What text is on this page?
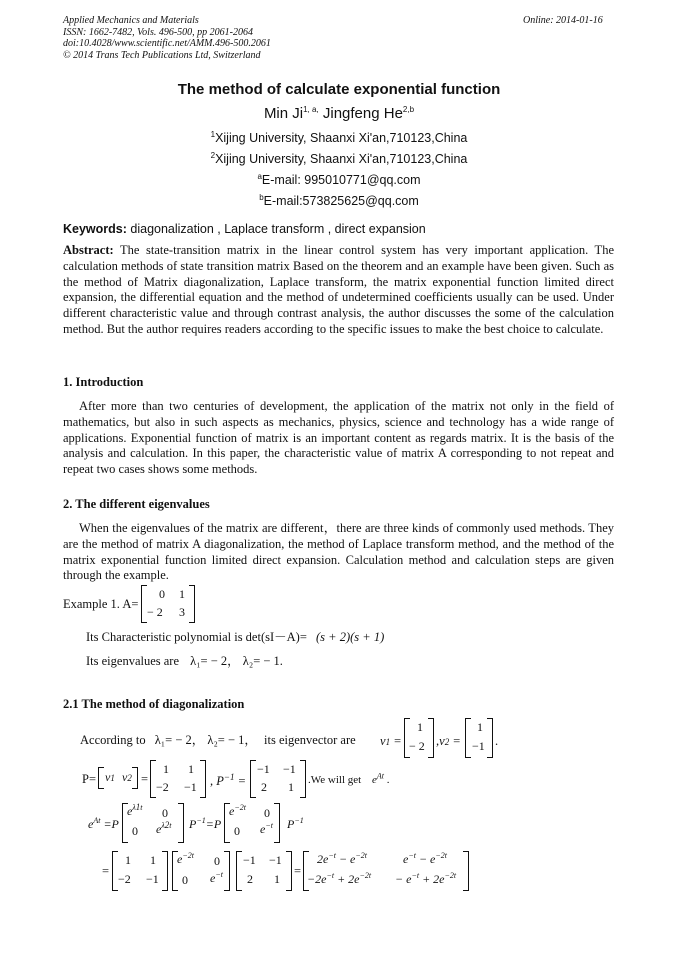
Applied Mechanics and Materials
ISSN: 1662-7482, Vols. 496-500, pp 2061-2064
doi:10.4028/www.scientific.net/AMM.496-500.2061
© 2014 Trans Tech Publications Ltd, Switzerland
Online: 2014-01-16
The method of calculate exponential function
Min $Ji^{1, a,}$ Jingfeng He$^{2,b}$
$^1$Xijing University, Shaanxi Xi'an,710123,China
$^2$Xijing University, Shaanxi Xi'an,710123,China
$^a$E-mail: 995010771@qq.com
$^b$E-mail:573825625@qq.com
Keywords: diagonalization , Laplace transform , direct expansion
Abstract: The state-transition matrix in the linear control system has very important application. The calculation methods of state transition matrix Based on the theorem and an example have been given. Such as the method of Matrix diagonalization, Laplace transform, the matrix exponential function limited direct expansion, the differential equation and the method of undetermined coefficients usually can be used. Under different characteristic value and through contrast analysis, the author discusses the some of the calculation method. But the author requires readers according to the specific issues to make the best choice to calculate.
1. Introduction
After more than two centuries of development, the application of the matrix not only in the field of mathematics, but also in such aspects as mechanics, physics, science and technology has a wide range of applications. Exponential function of matrix is an important content as regards matrix. It is the basis of the analysis and calculation. In this paper, the characteristic value of matrix A corresponding to not repeat and repeat two cases shows some methods.
2. The different eigenvalues
When the eigenvalues of the matrix are different，there are three kinds of commonly used methods. They are the method of matrix A diagonalization, the method of Laplace transform method, and the method of the matrix exponential function limited direct expansion. Calculation method and calculation steps are given through the example.
Example 1. A=
0 1
− 2 3
Its Characteristic polynomial is det(sI－A)= (s + 2)(s + 1)
Its eigenvalues are λ₁= − 2， λ₂= − 1.
2.1 The method of diagonalization
According to λ₁= − 2， λ₂= − 1， its eigenvector are v1 =
1
− 2 ,v2 =
1
−1 .
P= v1 v2 =
1 1
−2 −1 , $P^{-1}$ =
−1 −1
2 1 .We will get $e^{At}$ .
$e^{At} =P$
$e^{\lambda 1t}$ 0
0 $e^{\lambda 2t}$ $P^{-1}=P$
$e^{-2t}$ 0
0 $e^{-t}$ $P^{-1}$
=
1 1
−2 −1
$e^{-2t}$ 0
0 $e^{-t}$
−1 −1
2 1
=
$2e^{-t} - e^{-2t}$	$e^{-t} - e^{-2t}$
$-2e^{-t} + 2e^{-2t} - e^{-t} + 2e^{-2t}$
